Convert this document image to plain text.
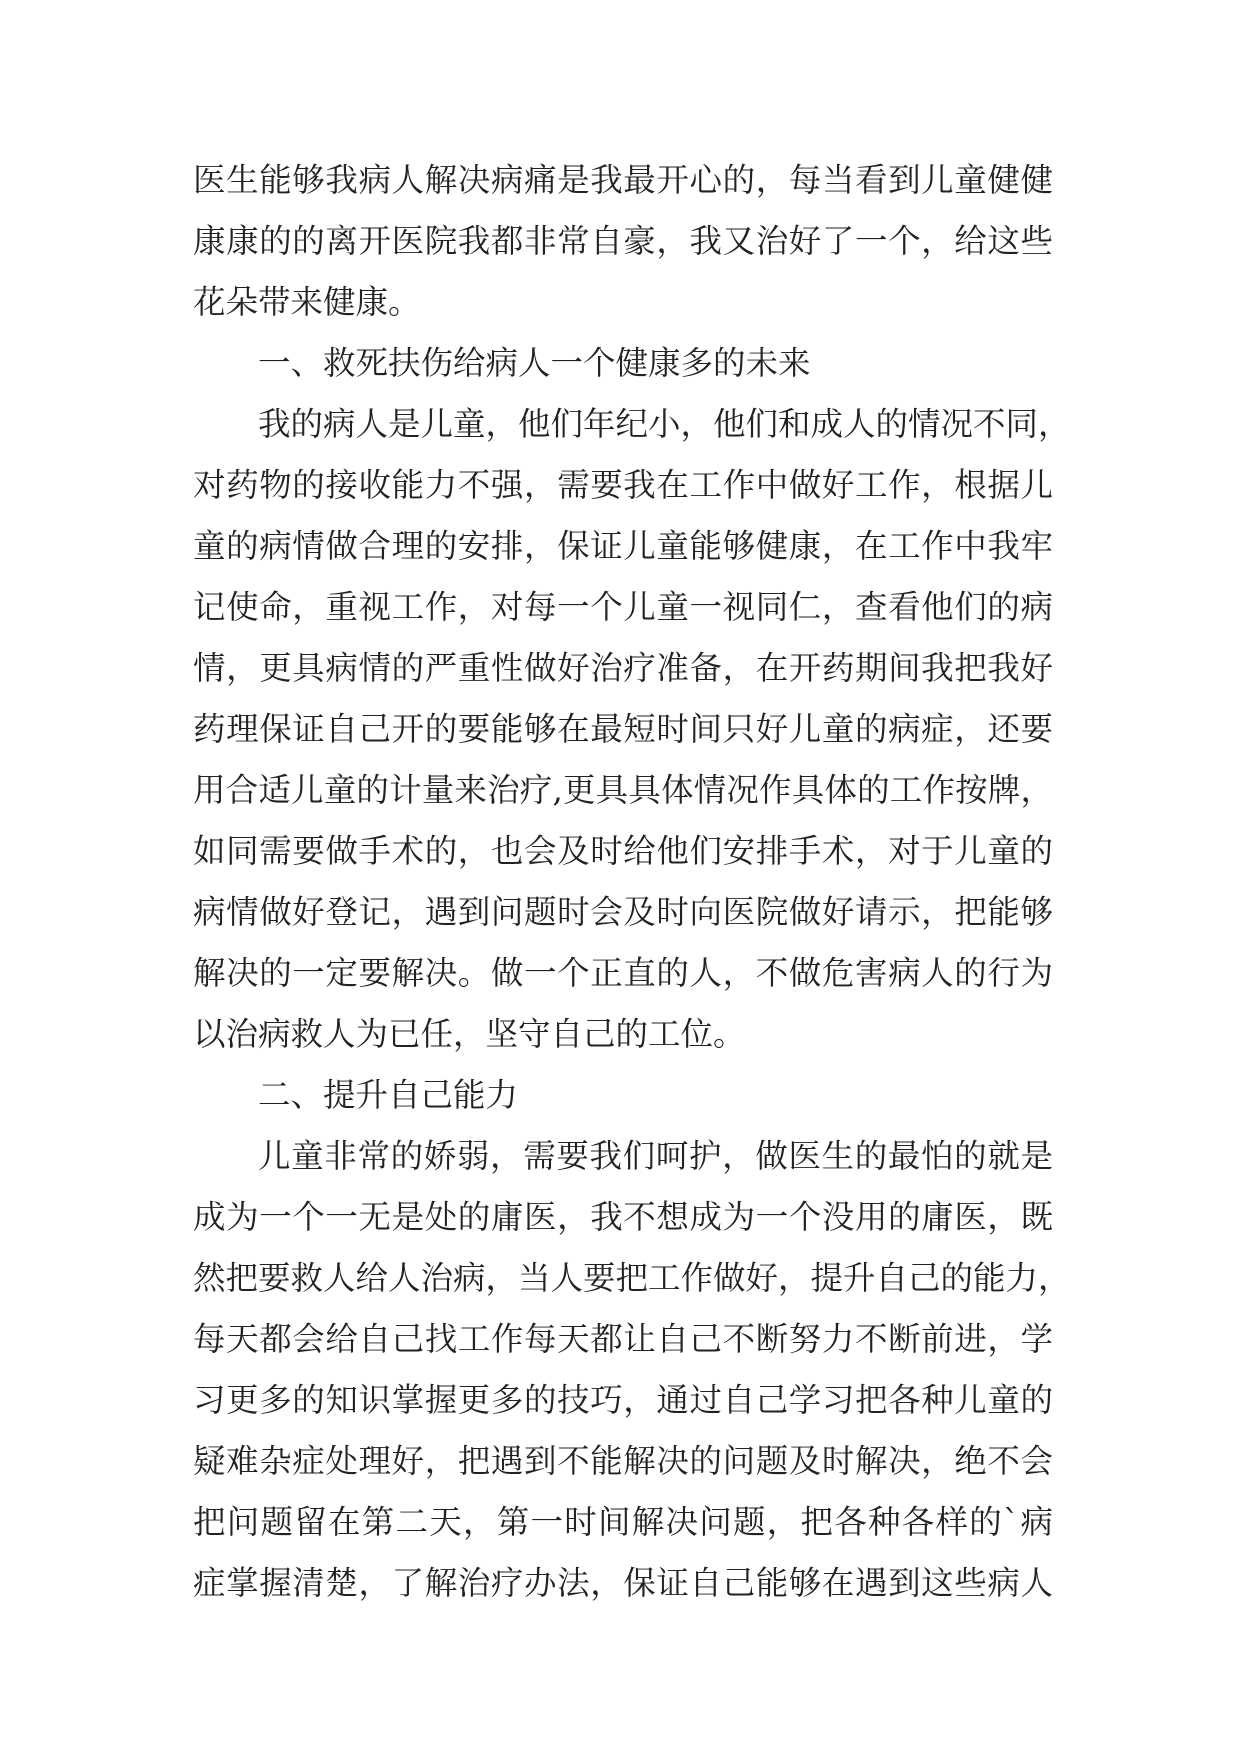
医生能够我病人解决病痛是我最开心的，每当看到儿童健健
康康的的离开医院我都非常自豪，我又治好了一个，给这些
花朵带来健康。
一、救死扶伤给病人一个健康多的未来
我的病人是儿童，他们年纪小，他们和成人的情况不同，
对药物的接收能力不强，需要我在工作中做好工作，根据儿
童的病情做合理的安排，保证儿童能够健康，在工作中我牢
记使命，重视工作，对每一个儿童一视同仁，查看他们的病
情，更具病情的严重性做好治疗准备，在开药期间我把我好
药理保证自己开的要能够在最短时间只好儿童的病症，还要
用合适儿童的计量来治疗,更具具体情况作具体的工作按牌，
如同需要做手术的，也会及时给他们安排手术，对于儿童的
病情做好登记，遇到问题时会及时向医院做好请示，把能够
解决的一定要解决。做一个正直的人，不做危害病人的行为
以治病救人为已任，坚守自己的工位。
二、提升自己能力
儿童非常的娇弱，需要我们呵护，做医生的最怕的就是
成为一个一无是处的庸医，我不想成为一个没用的庸医，既
然把要救人给人治病，当人要把工作做好，提升自己的能力，
每天都会给自己找工作每天都让自己不断努力不断前进，学
习更多的知识掌握更多的技巧，通过自己学习把各种儿童的
疑难杂症处理好，把遇到不能解决的问题及时解决，绝不会
把问题留在第二天，第一时间解决问题，把各种各样的`病
症掌握清楚，了解治疗办法，保证自己能够在遇到这些病人
